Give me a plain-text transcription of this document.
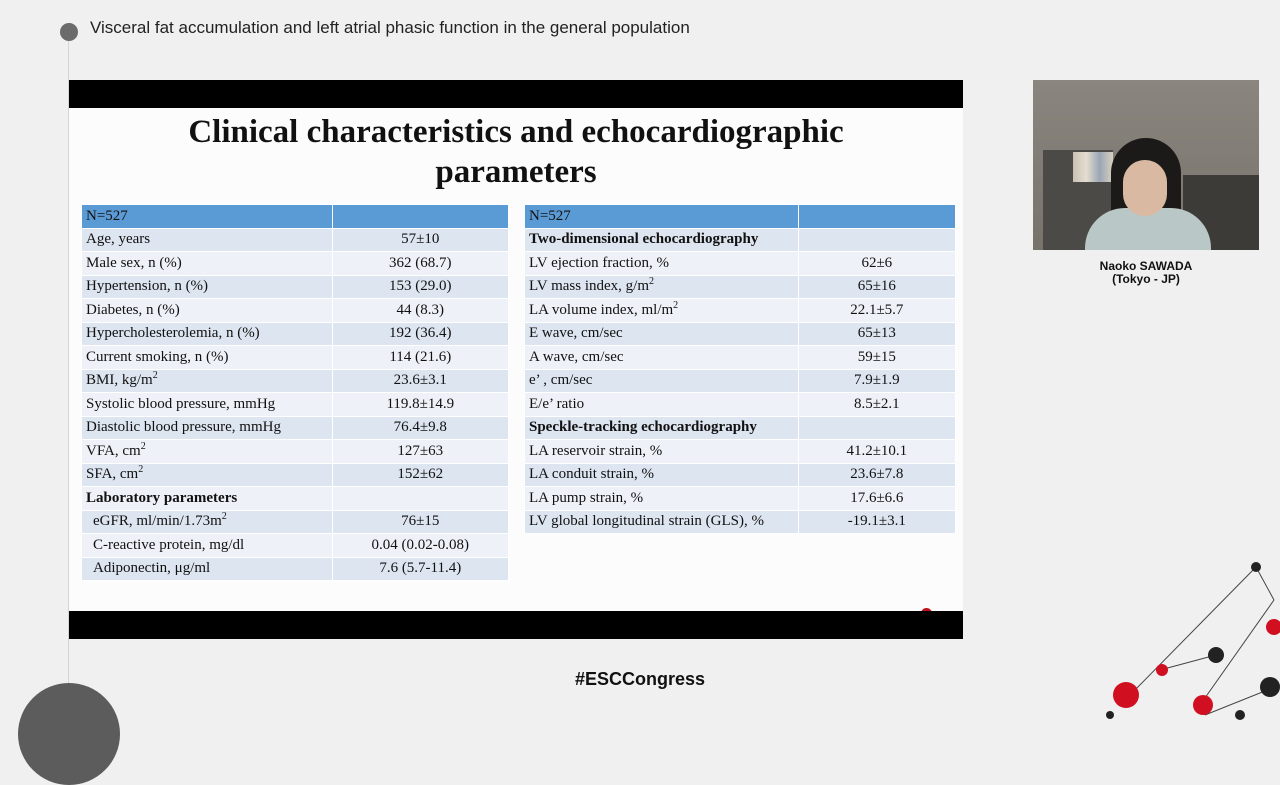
Visceral fat accumulation and left atrial phasic function in the general population
Clinical characteristics and echocardiographic
parameters
N=527	
Age, years	57±10
Male sex, n (%)	362 (68.7)
Hypertension, n (%)	153 (29.0)
Diabetes, n (%)	44 (8.3)
Hypercholesterolemia, n (%)	192 (36.4)
Current smoking, n (%)	114 (21.6)
BMI, $kg/m^2$	23.6±3.1
Systolic blood pressure, mmHg	119.8±14.9
Diastolic blood pressure, mmHg	76.4±9.8
VFA, $cm^2$	127±63
SFA, $cm^2$	152±62
Laboratory parameters	
eGFR, $ml/\min/1.73m^2$	76±15
C-reactive protein, mg/dl	0.04 (0.02-0.08)
Adiponectin, μg/ml	7.6 (5.7-11.4)
N=527	
Two-dimensional echocardiography	
LV ejection fraction, %	62±6
LV mass index, $g/m^2$	65±16
LA volume index, $ml/m^2$	22.1±5.7
E wave, cm/sec	65±13
A wave, cm/sec	59±15
e’ , cm/sec	7.9±1.9
E/e’ ratio	8.5±2.1
Speckle-tracking echocardiography	
LA reservoir strain, %	41.2±10.1
LA conduit strain, %	23.6±7.8
LA pump strain, %	17.6±6.6
LV global longitudinal strain (GLS), %	-19.1±3.1
Naoko SAWADA
(Tokyo - JP)
#ESCCongress
